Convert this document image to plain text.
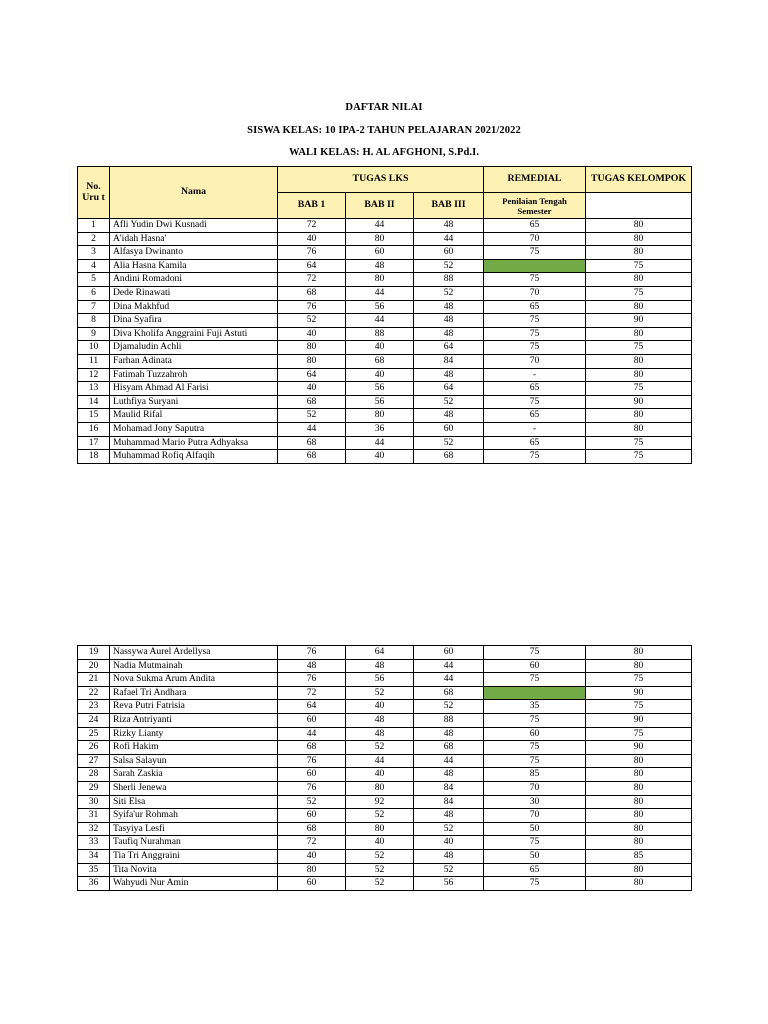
DAFTAR NILAI
SISWA KELAS: 10 IPA-2 TAHUN PELAJARAN 2021/2022
WALI KELAS: H. AL AFGHONI, S.Pd.I.
No. Uru t	Nama	TUGAS LKS			REMEDIAL	TUGAS KELOMPOK
		BAB 1	BAB II	BAB III	Penilaian Tengah Semester	
1	Afli Yudin Dwi Kusnadi	72	44	48	65	80
2	A'idah Hasna'	40	80	44	70	80
3	Alfasya Dwinanto	76	60	60	75	80
4	Alia Hasna Kamila	64	48	52		75
5	Andini Romadoni	72	80	88	75	80
6	Dede Rinawati	68	44	52	70	75
7	Dina Makhfud	76	56	48	65	80
8	Dina Syafira	52	44	48	75	90
9	Diva Kholifa Anggraini Fuji Astuti	40	88	48	75	80
10	Djamaludin Achli	80	40	64	75	75
11	Farhan Adinata	80	68	84	70	80
12	Fatimah Tuzzahroh	64	40	48	-	80
13	Hisyam Ahmad Al Farisi	40	56	64	65	75
14	Luthfiya Suryani	68	56	52	75	90
15	Maulid Rifal	52	80	48	65	80
16	Mohamad Jony Saputra	44	36	60	-	80
17	Muhammad Mario Putra Adhyaksa	68	44	52	65	75
18	Muhammad Rofiq Alfaqih	68	40	68	75	75
19	Nassywa Aurel Ardellysa	76	64	60	75	80
20	Nadia Mutmainah	48	48	44	60	80
21	Nova Sukma Arum Andita	76	56	44	75	75
22	Rafael Tri Andhara	72	52	68		90
23	Reva Putri Fatrisia	64	40	52	35	75
24	Riza Antriyanti	60	48	88	75	90
25	Rizky Lianty	44	48	48	60	75
26	Rofi Hakim	68	52	68	75	90
27	Salsa Salayun	76	44	44	75	80
28	Sarah Zaskia	60	40	48	85	80
29	Sherli Jenewa	76	80	84	70	80
30	Siti Elsa	52	92	84	30	80
31	Syifa'ur Rohmah	60	52	48	70	80
32	Tasyiya Lesfi	68	80	52	50	80
33	Taufiq Nurahman	72	40	40	75	80
34	Tia Tri Anggraini	40	52	48	50	85
35	Tita Novita	80	52	52	65	80
36	Wahyudi Nur Amin	60	52	56	75	80
